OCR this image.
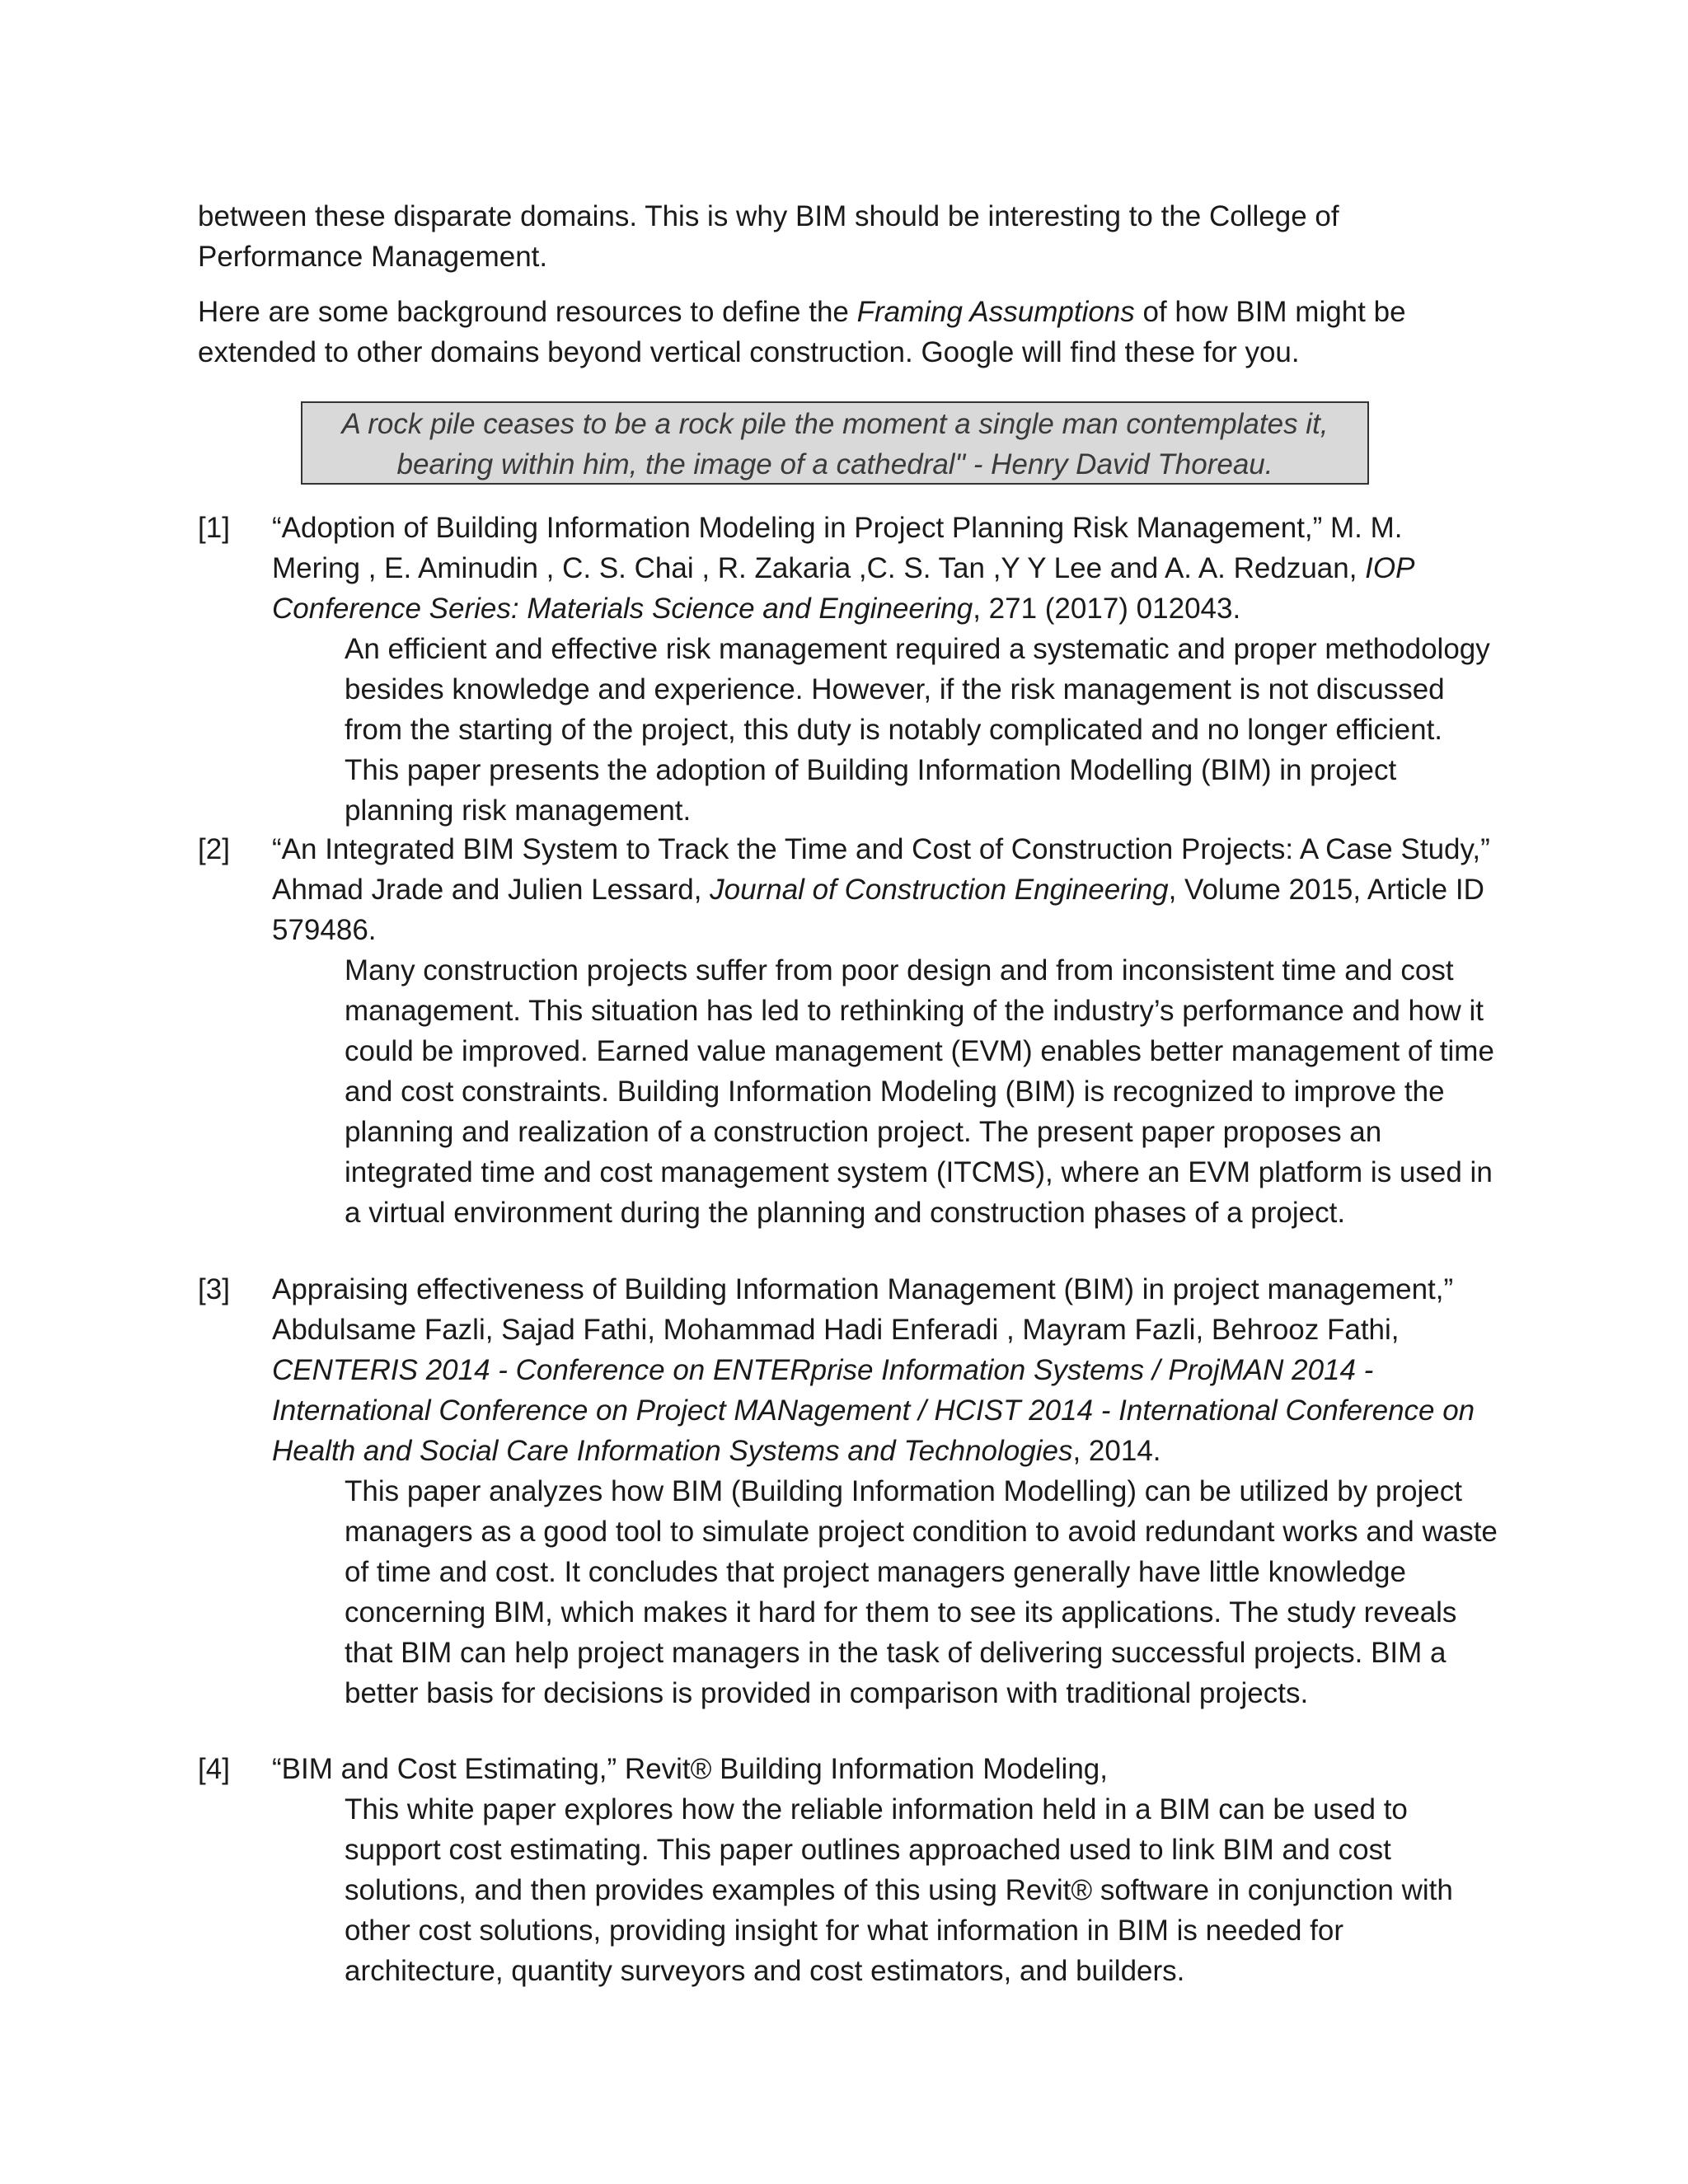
between these disparate domains. This is why BIM should be interesting to the College of Performance Management.

Here are some background resources to define the Framing Assumptions of how BIM might be extended to other domains beyond vertical construction. Google will find these for you.

A rock pile ceases to be a rock pile the moment a single man contemplates it,
bearing within him, the image of a cathedral" - Henry David Thoreau.
[1] “Adoption of Building Information Modeling in Project Planning Risk Management,” M. M. Mering , E. Aminudin , C. S. Chai , R. Zakaria ,C. S. Tan ,Y Y Lee and A. A. Redzuan, IOP Conference Series: Materials Science and Engineering, 271 (2017) 012043.
An efficient and effective risk management required a systematic and proper methodology besides knowledge and experience. However, if the risk management is not discussed from the starting of the project, this duty is notably complicated and no longer efficient. This paper presents the adoption of Building Information Modelling (BIM) in project planning risk management.
[2] “An Integrated BIM System to Track the Time and Cost of Construction Projects: A Case Study,” Ahmad Jrade and Julien Lessard, Journal of Construction Engineering, Volume 2015, Article ID 579486.
Many construction projects suffer from poor design and from inconsistent time and cost management. This situation has led to rethinking of the industry’s performance and how it could be improved. Earned value management (EVM) enables better management of time and cost constraints. Building Information Modeling (BIM) is recognized to improve the planning and realization of a construction project. The present paper proposes an integrated time and cost management system (ITCMS), where an EVM platform is used in a virtual environment during the planning and construction phases of a project.
[3] Appraising effectiveness of Building Information Management (BIM) in project management,” Abdulsame Fazli, Sajad Fathi, Mohammad Hadi Enferadi , Mayram Fazli, Behrooz Fathi, CENTERIS 2014 - Conference on ENTERprise Information Systems / ProjMAN 2014 - International Conference on Project MANagement / HCIST 2014 - International Conference on Health and Social Care Information Systems and Technologies, 2014.
This paper analyzes how BIM (Building Information Modelling) can be utilized by project managers as a good tool to simulate project condition to avoid redundant works and waste of time and cost. It concludes that project managers generally have little knowledge concerning BIM, which makes it hard for them to see its applications. The study reveals that BIM can help project managers in the task of delivering successful projects. BIM a better basis for decisions is provided in comparison with traditional projects.
[4] “BIM and Cost Estimating,” Revit® Building Information Modeling,
This white paper explores how the reliable information held in a BIM can be used to support cost estimating. This paper outlines approached used to link BIM and cost solutions, and then provides examples of this using Revit® software in conjunction with other cost solutions, providing insight for what information in BIM is needed for architecture, quantity surveyors and cost estimators, and builders.
